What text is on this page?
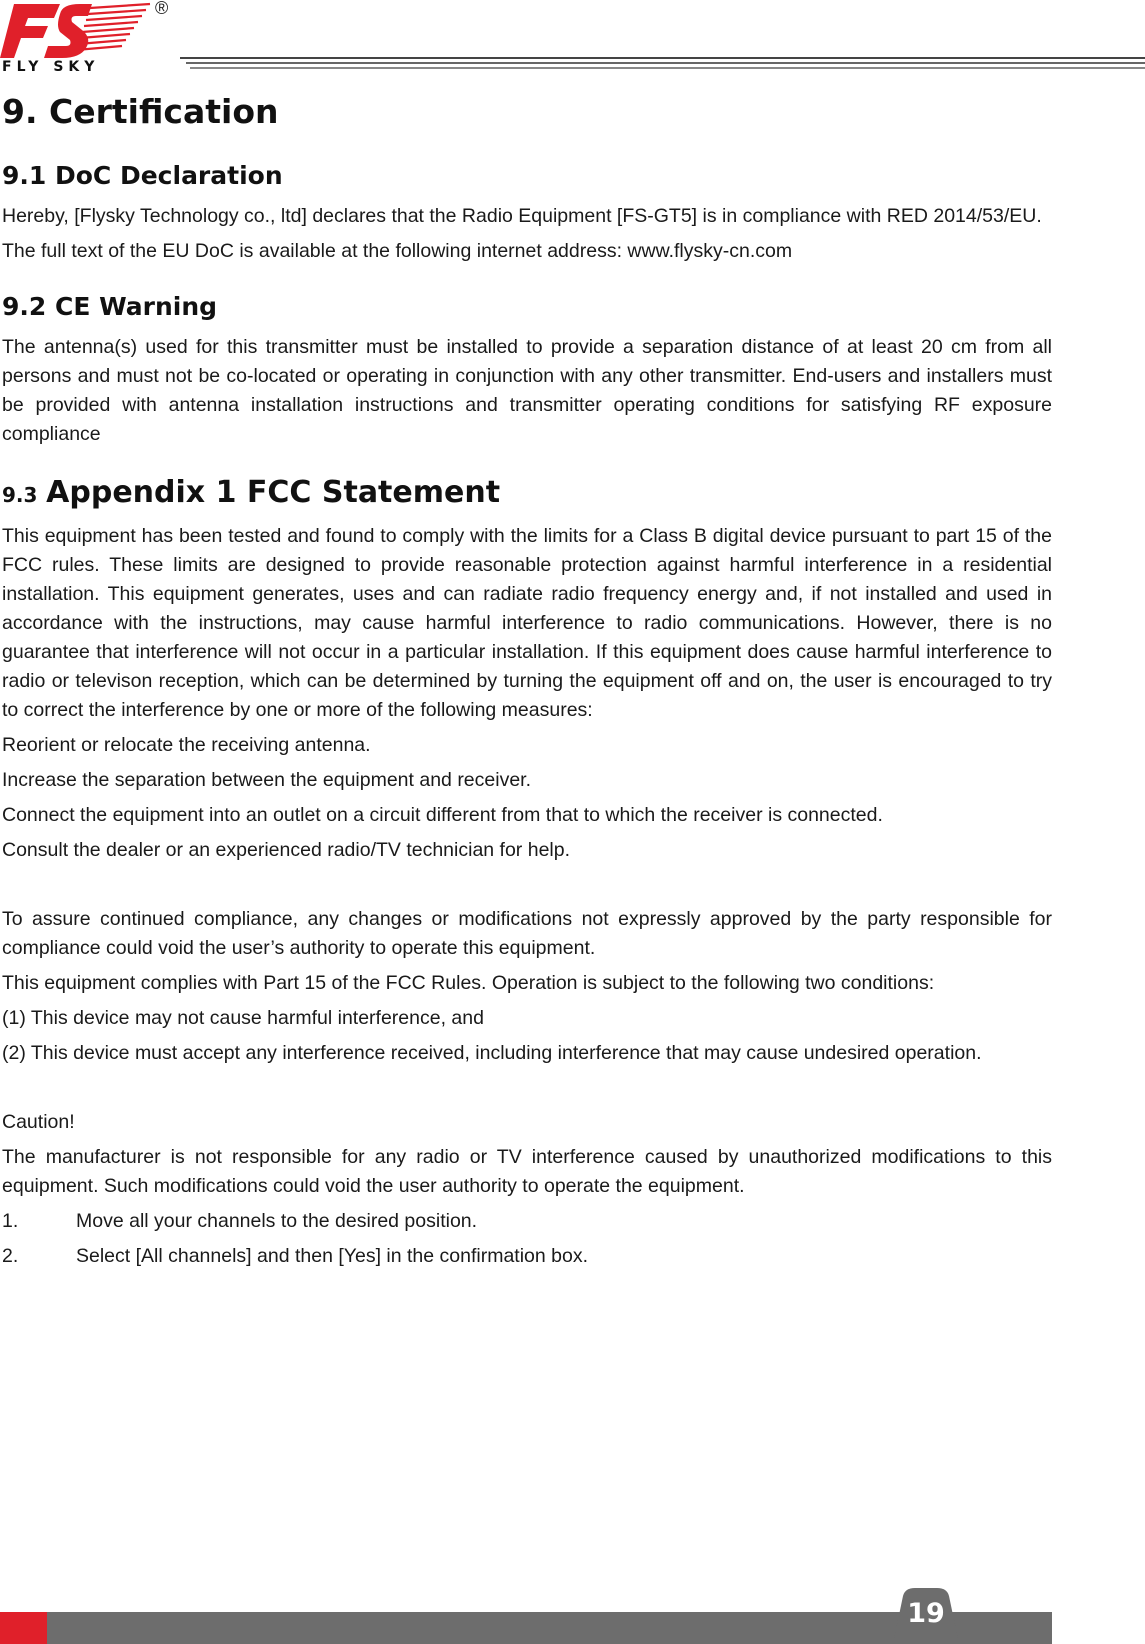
FLY SKY
®
9. Certification
9.1 DoC Declaration

Hereby, [Flysky Technology co., ltd] declares that the Radio Equipment [FS-GT5] is in compliance with RED 2014/53/EU.

The full text of the EU DoC is available at the following internet address: www.flysky-cn.com

9.2 CE Warning

The antenna(s) used for this transmitter must be installed to provide a separation distance of at least 20 cm from all persons and must not be co-located or operating in conjunction with any other transmitter. End-users and installers must be provided with antenna installation instructions and transmitter operating conditions for satisfying RF exposure compliance

9.3 Appendix 1 FCC Statement

This equipment has been tested and found to comply with the limits for a Class B digital device pursuant to part 15 of the FCC rules. These limits are designed to provide reasonable protection against harmful interference in a residential installation. This equipment generates, uses and can radiate radio frequency energy and, if not installed and used in accordance with the instructions, may cause harmful interference to radio communications. However, there is no guarantee that interference will not occur in a particular installation. If this equipment does cause harmful interference to radio or televison reception, which can be determined by turning the equipment off and on, the user is encouraged to try to correct the interference by one or more of the following measures:

Reorient or relocate the receiving antenna.

Increase the separation between the equipment and receiver.

Connect the equipment into an outlet on a circuit different from that to which the receiver is connected.

Consult the dealer or an experienced radio/TV technician for help.

To assure continued compliance, any changes or modifications not expressly approved by the party responsible for compliance could void the user’s authority to operate this equipment.

This equipment complies with Part 15 of the FCC Rules. Operation is subject to the following two conditions:

(1) This device may not cause harmful interference, and

(2) This device must accept any interference received, including interference that may cause undesired operation.

Caution!

The manufacturer is not responsible for any radio or TV interference caused by unauthorized modifications to this equipment. Such modifications could void the user authority to operate the equipment.

1.	Move all your channels to the desired position.
2.	Select [All channels] and then [Yes] in the confirmation box.
19
